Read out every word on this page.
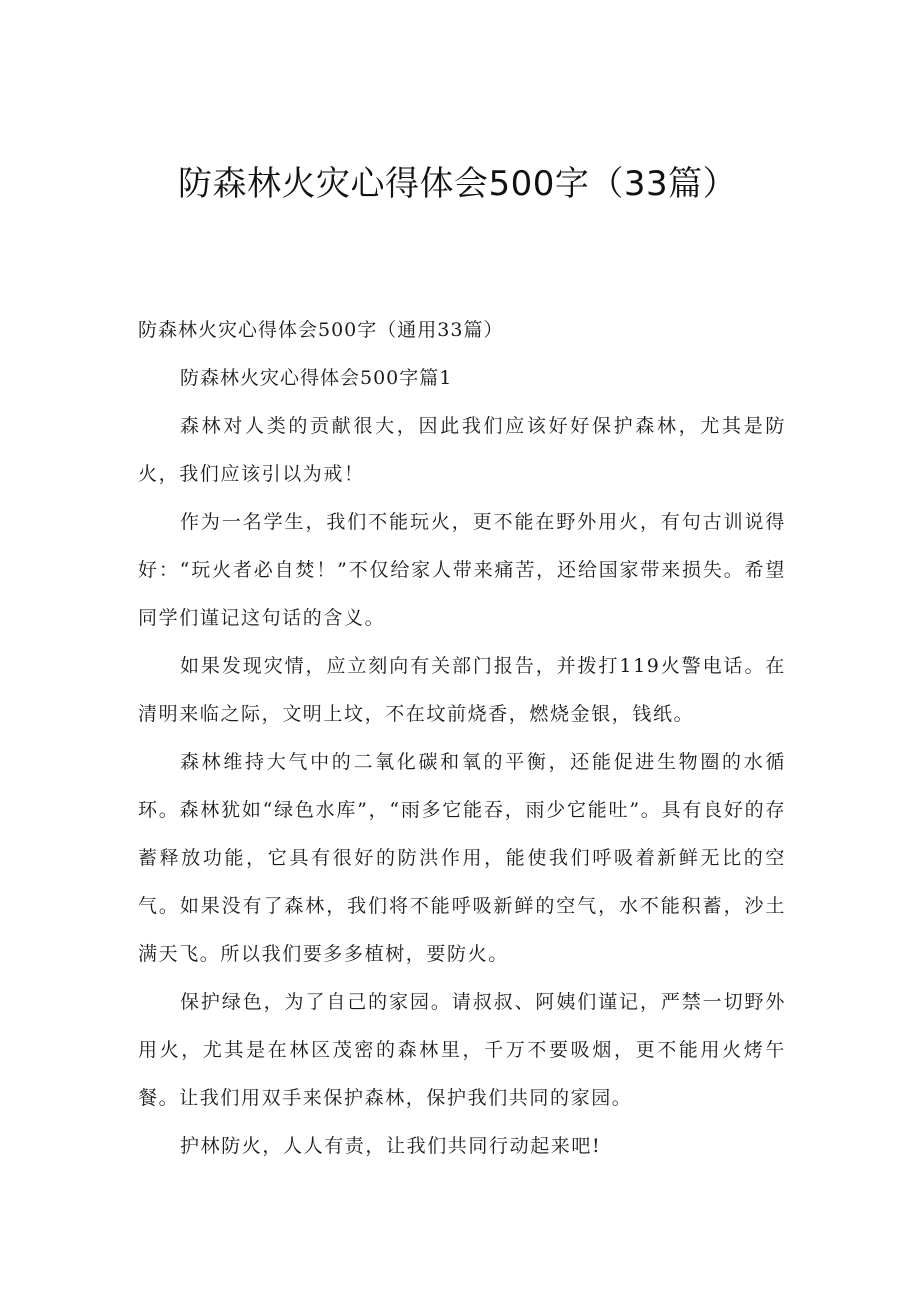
防森林火灾心得体会500字（33篇）

防森林火灾心得体会500字（通用33篇）

防森林火灾心得体会500字篇1

森林对人类的贡献很大，因此我们应该好好保护森林，尤其是防火，我们应该引以为戒！

作为一名学生，我们不能玩火，更不能在野外用火，有句古训说得好：“玩火者必自焚！”不仅给家人带来痛苦，还给国家带来损失。希望同学们谨记这句话的含义。

如果发现灾情，应立刻向有关部门报告，并拨打119火警电话。在清明来临之际，文明上坟，不在坟前烧香，燃烧金银，钱纸。

森林维持大气中的二氧化碳和氧的平衡，还能促进生物圈的水循环。森林犹如“绿色水库”，“雨多它能吞，雨少它能吐”。具有良好的存蓄释放功能，它具有很好的防洪作用，能使我们呼吸着新鲜无比的空气。如果没有了森林，我们将不能呼吸新鲜的空气，水不能积蓄，沙土满天飞。所以我们要多多植树，要防火。

保护绿色，为了自己的家园。请叔叔、阿姨们谨记，严禁一切野外用火，尤其是在林区茂密的森林里，千万不要吸烟，更不能用火烤午餐。让我们用双手来保护森林，保护我们共同的家园。

护林防火，人人有责，让我们共同行动起来吧!
